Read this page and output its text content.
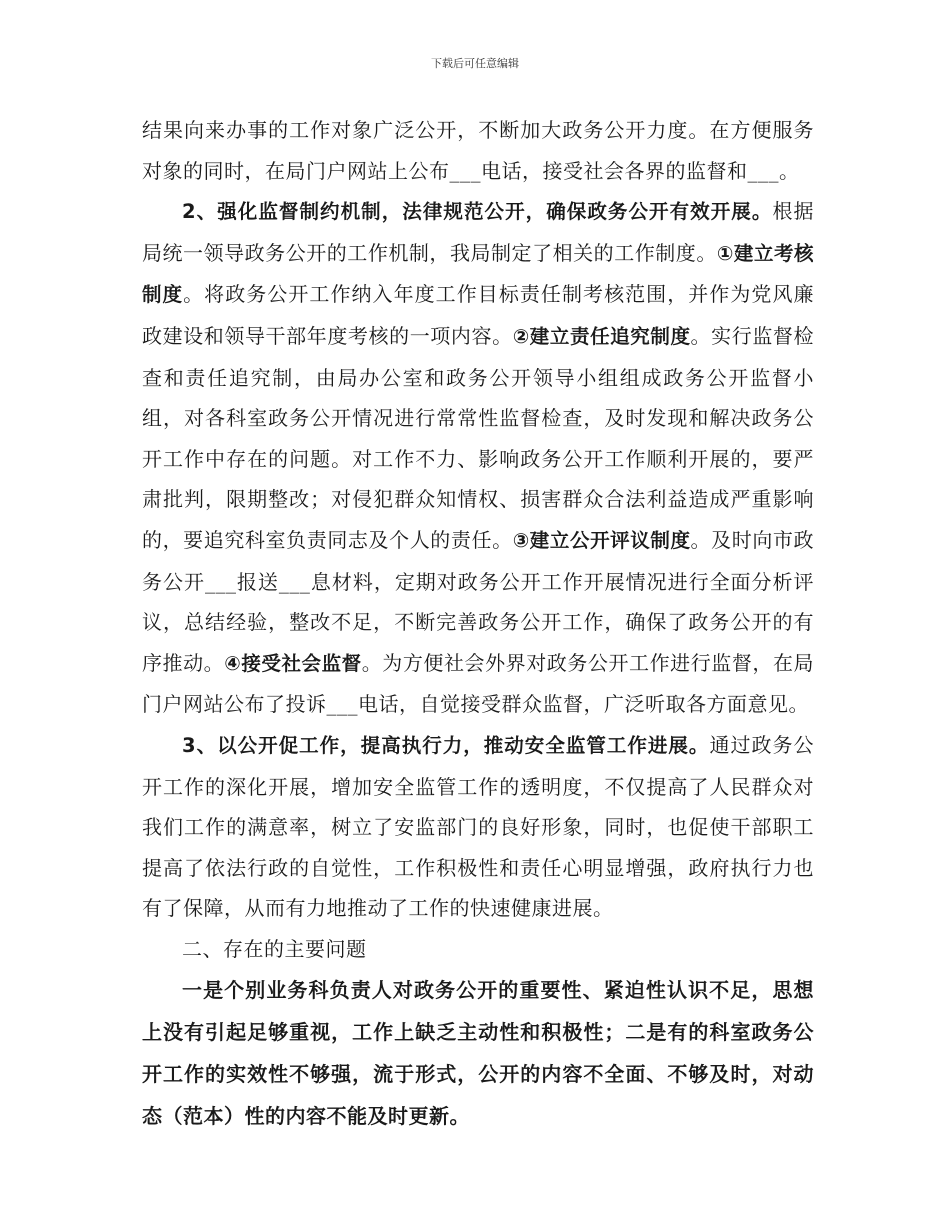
下载后可任意编辑

结果向来办事的工作对象广泛公开，不断加大政务公开力度。在方便服务对象的同时，在局门户网站上公布___电话，接受社会各界的监督和___。

2、强化监督制约机制，法律规范公开，确保政务公开有效开展。根据局统一领导政务公开的工作机制，我局制定了相关的工作制度。①建立考核制度。将政务公开工作纳入年度工作目标责任制考核范围，并作为党风廉政建设和领导干部年度考核的一项内容。②建立责任追究制度。实行监督检查和责任追究制，由局办公室和政务公开领导小组组成政务公开监督小组，对各科室政务公开情况进行常常性监督检查，及时发现和解决政务公开工作中存在的问题。对工作不力、影响政务公开工作顺利开展的，要严肃批判，限期整改；对侵犯群众知情权、损害群众合法利益造成严重影响的，要追究科室负责同志及个人的责任。③建立公开评议制度。及时向市政务公开___报送___息材料，定期对政务公开工作开展情况进行全面分析评议，总结经验，整改不足，不断完善政务公开工作，确保了政务公开的有序推动。④接受社会监督。为方便社会外界对政务公开工作进行监督，在局门户网站公布了投诉___电话，自觉接受群众监督，广泛听取各方面意见。

3、以公开促工作，提高执行力，推动安全监管工作进展。通过政务公开工作的深化开展，增加安全监管工作的透明度，不仅提高了人民群众对我们工作的满意率，树立了安监部门的良好形象，同时，也促使干部职工提高了依法行政的自觉性，工作积极性和责任心明显增强，政府执行力也有了保障，从而有力地推动了工作的快速健康进展。

二、存在的主要问题

一是个别业务科负责人对政务公开的重要性、紧迫性认识不足，思想上没有引起足够重视，工作上缺乏主动性和积极性；二是有的科室政务公开工作的实效性不够强，流于形式，公开的内容不全面、不够及时，对动态（范本）性的内容不能及时更新。
